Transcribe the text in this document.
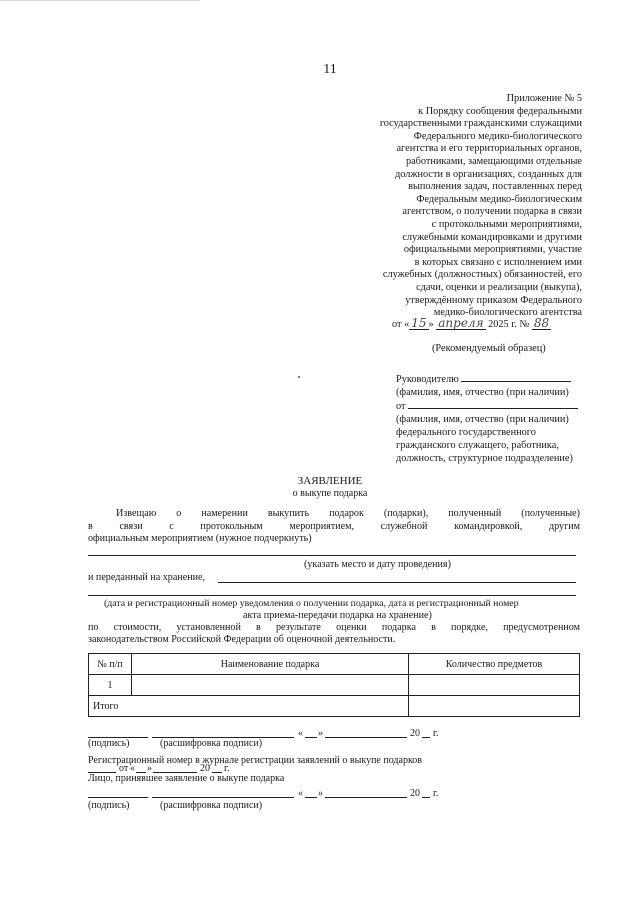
11
Приложение № 5
к Порядку сообщения федеральными
государственными гражданскими служащими
Федерального медико-биологического
агентства и его территориальных органов,
работниками, замещающими отдельные
должности в организациях, созданных для
выполнения задач, поставленных перед
Федеральным медико-биологическим
агентством, о получении подарка в связи
с протокольными мероприятиями,
служебными командировками и другими
официальными мероприятиями, участие
в которых связано с исполнением ими
служебных (должностных) обязанностей, его
сдачи, оценки и реализации (выкупа),
утверждённому приказом Федерального
медико-биологического агентства
от « 15 » апреля 2025 г. № 88
(Рекомендуемый образец)
Руководителю
(фамилия, имя, отчество (при наличии)
от
(фамилия, имя, отчество (при наличии)
федерального государственного
гражданского служащего, работника,
должность, структурное подразделение)
ЗАЯВЛЕНИЕ
о выкупе подарка
Извещаю о намерении выкупить подарок (подарки), полученный (полученные)
в связи с протокольным мероприятием, служебной командировкой, другим
официальным мероприятием (нужное подчеркнуть)
(указать место и дату проведения)
и переданный на хранение,
(дата и регистрационный номер уведомления о получении подарка, дата и регистрационный номер
акта приема-передачи подарка на хранение)
по стоимости, установленной в результате оценки подарка в порядке, предусмотренном
законодательством Российской Федерации об оценочной деятельности.
№ п/п	Наименование подарка	Количество предметов
1		
Итого		
« »	20 г.
(подпись)	(расшифровка подписи)
Регистрационный номер в журнале регистрации заявлений о выкупе подарков
от « »	20 г.
Лицо, принявшее заявление о выкупе подарка
« »	20 г.
(подпись)	(расшифровка подписи)
